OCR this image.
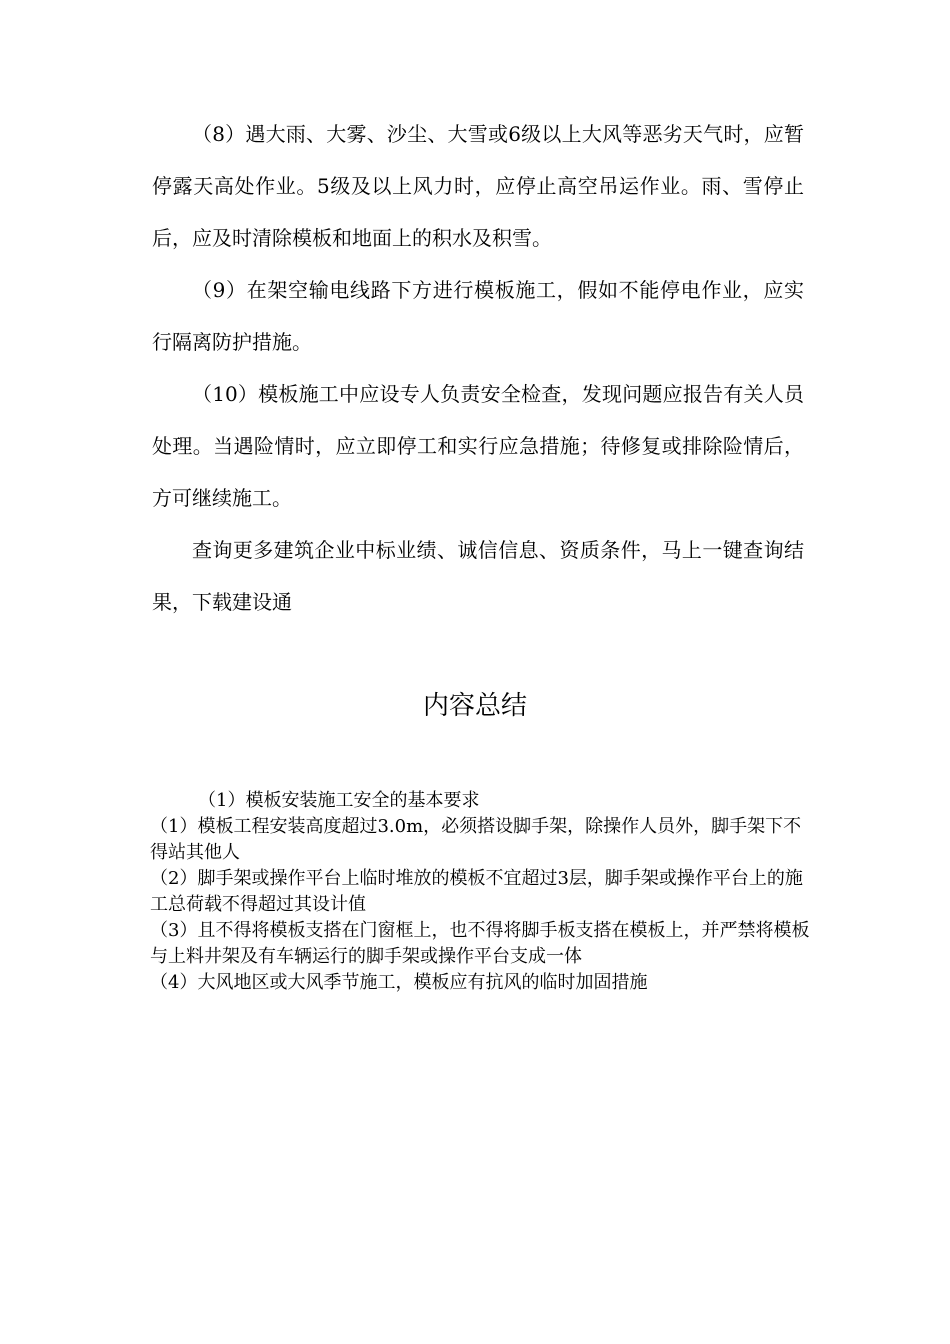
（8）遇大雨、大雾、沙尘、大雪或6级以上大风等恶劣天气时，应暂停露天高处作业。5级及以上风力时，应停止高空吊运作业。雨、雪停止后，应及时清除模板和地面上的积水及积雪。

（9）在架空输电线路下方进行模板施工，假如不能停电作业，应实行隔离防护措施。

（10）模板施工中应设专人负责安全检查，发现问题应报告有关人员处理。当遇险情时，应立即停工和实行应急措施；待修复或排除险情后，方可继续施工。

查询更多建筑企业中标业绩、诚信信息、资质条件，马上一键查询结果，下载建设通

内容总结

（1）模板安装施工安全的基本要求

（1）模板工程安装高度超过3.0m，必须搭设脚手架，除操作人员外，脚手架下不得站其他人

（2）脚手架或操作平台上临时堆放的模板不宜超过3层，脚手架或操作平台上的施工总荷载不得超过其设计值

（3）且不得将模板支搭在门窗框上，也不得将脚手板支搭在模板上，并严禁将模板与上料井架及有车辆运行的脚手架或操作平台支成一体

（4）大风地区或大风季节施工，模板应有抗风的临时加固措施
